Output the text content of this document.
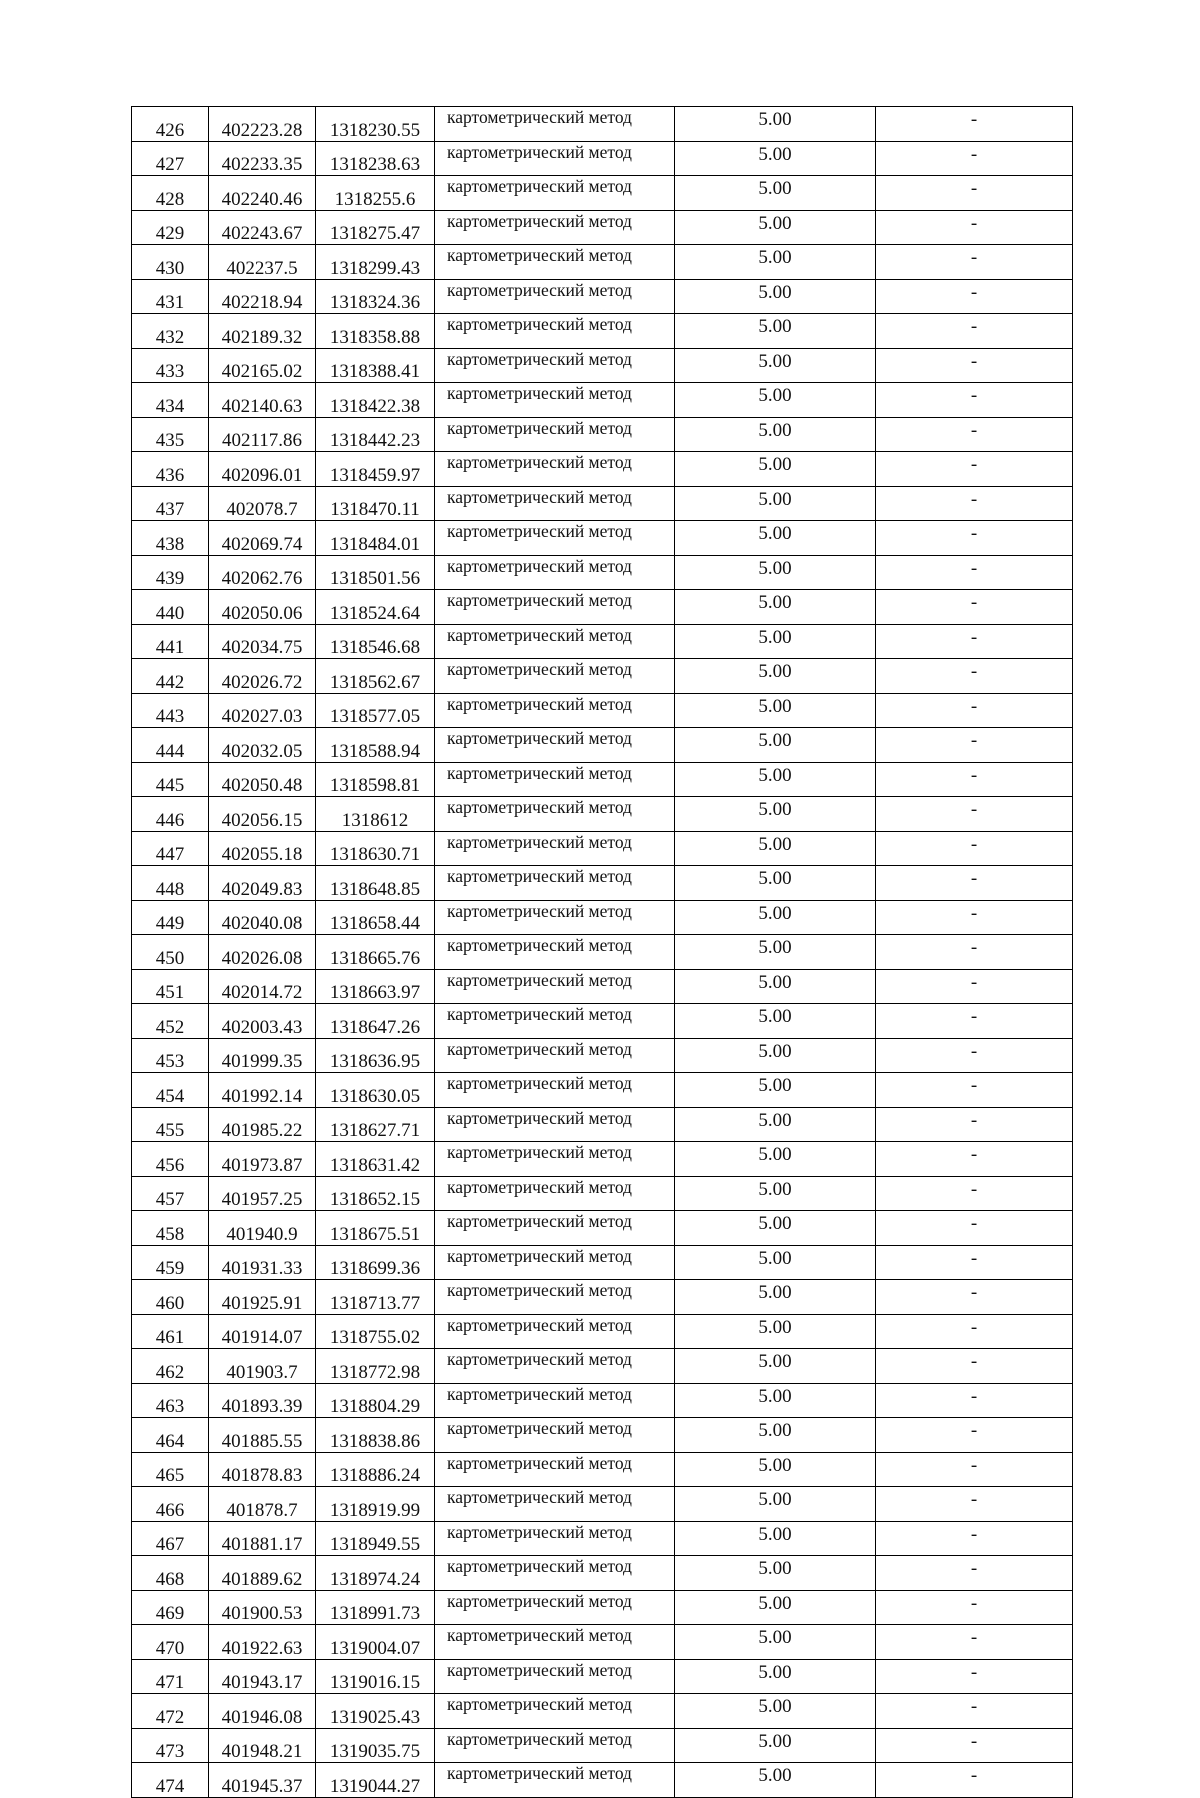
426	402223.28	1318230.55	картометрический метод	5.00	-
427	402233.35	1318238.63	картометрический метод	5.00	-
428	402240.46	1318255.6	картометрический метод	5.00	-
429	402243.67	1318275.47	картометрический метод	5.00	-
430	402237.5	1318299.43	картометрический метод	5.00	-
431	402218.94	1318324.36	картометрический метод	5.00	-
432	402189.32	1318358.88	картометрический метод	5.00	-
433	402165.02	1318388.41	картометрический метод	5.00	-
434	402140.63	1318422.38	картометрический метод	5.00	-
435	402117.86	1318442.23	картометрический метод	5.00	-
436	402096.01	1318459.97	картометрический метод	5.00	-
437	402078.7	1318470.11	картометрический метод	5.00	-
438	402069.74	1318484.01	картометрический метод	5.00	-
439	402062.76	1318501.56	картометрический метод	5.00	-
440	402050.06	1318524.64	картометрический метод	5.00	-
441	402034.75	1318546.68	картометрический метод	5.00	-
442	402026.72	1318562.67	картометрический метод	5.00	-
443	402027.03	1318577.05	картометрический метод	5.00	-
444	402032.05	1318588.94	картометрический метод	5.00	-
445	402050.48	1318598.81	картометрический метод	5.00	-
446	402056.15	1318612	картометрический метод	5.00	-
447	402055.18	1318630.71	картометрический метод	5.00	-
448	402049.83	1318648.85	картометрический метод	5.00	-
449	402040.08	1318658.44	картометрический метод	5.00	-
450	402026.08	1318665.76	картометрический метод	5.00	-
451	402014.72	1318663.97	картометрический метод	5.00	-
452	402003.43	1318647.26	картометрический метод	5.00	-
453	401999.35	1318636.95	картометрический метод	5.00	-
454	401992.14	1318630.05	картометрический метод	5.00	-
455	401985.22	1318627.71	картометрический метод	5.00	-
456	401973.87	1318631.42	картометрический метод	5.00	-
457	401957.25	1318652.15	картометрический метод	5.00	-
458	401940.9	1318675.51	картометрический метод	5.00	-
459	401931.33	1318699.36	картометрический метод	5.00	-
460	401925.91	1318713.77	картометрический метод	5.00	-
461	401914.07	1318755.02	картометрический метод	5.00	-
462	401903.7	1318772.98	картометрический метод	5.00	-
463	401893.39	1318804.29	картометрический метод	5.00	-
464	401885.55	1318838.86	картометрический метод	5.00	-
465	401878.83	1318886.24	картометрический метод	5.00	-
466	401878.7	1318919.99	картометрический метод	5.00	-
467	401881.17	1318949.55	картометрический метод	5.00	-
468	401889.62	1318974.24	картометрический метод	5.00	-
469	401900.53	1318991.73	картометрический метод	5.00	-
470	401922.63	1319004.07	картометрический метод	5.00	-
471	401943.17	1319016.15	картометрический метод	5.00	-
472	401946.08	1319025.43	картометрический метод	5.00	-
473	401948.21	1319035.75	картометрический метод	5.00	-
474	401945.37	1319044.27	картометрический метод	5.00	-
